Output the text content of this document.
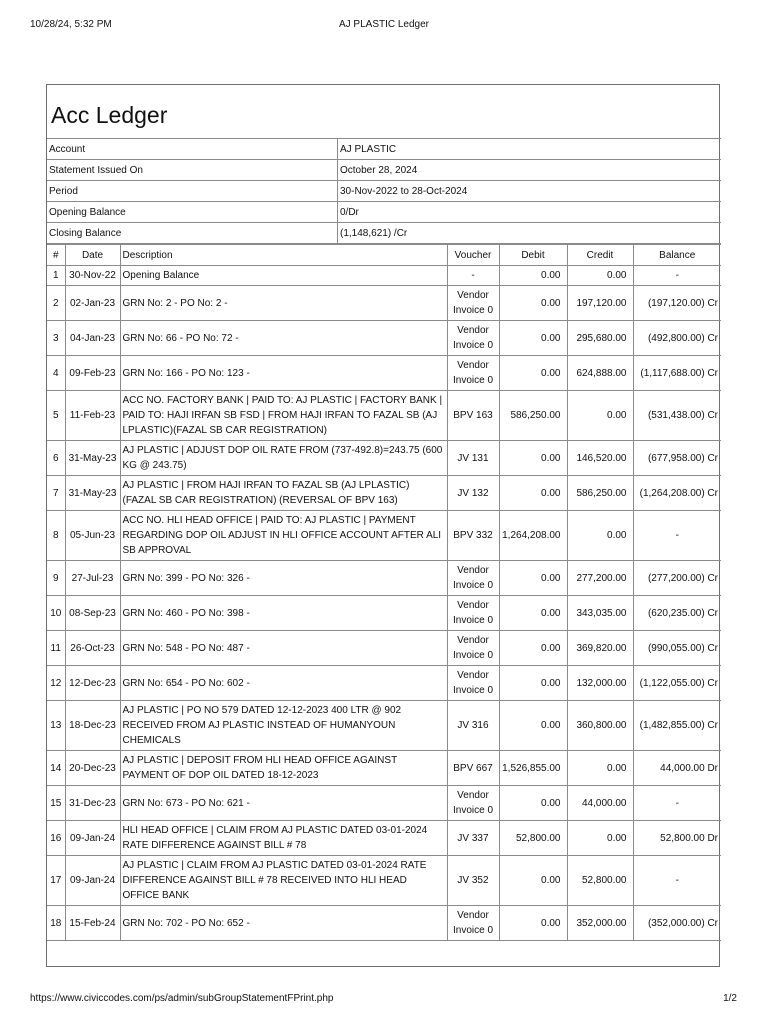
10/28/24, 5:32 PM	AJ PLASTIC Ledger
Acc Ledger
Account	AJ PLASTIC
Statement Issued On	October 28, 2024
Period	30-Nov-2022 to 28-Oct-2024
Opening Balance	0/Dr
Closing Balance	(1,148,621) /Cr
#	Date	Description	Voucher	Debit	Credit	Balance
1	30-Nov-22	Opening Balance	-	0.00	0.00	-
2	02-Jan-23	GRN No: 2 - PO No: 2 -	Vendor Invoice 0	0.00	197,120.00	(197,120.00) Cr
3	04-Jan-23	GRN No: 66 - PO No: 72 -	Vendor Invoice 0	0.00	295,680.00	(492,800.00) Cr
4	09-Feb-23	GRN No: 166 - PO No: 123 -	Vendor Invoice 0	0.00	624,888.00	(1,117,688.00) Cr
5	11-Feb-23	ACC NO. FACTORY BANK | PAID TO: AJ PLASTIC | FACTORY BANK | PAID TO: HAJI IRFAN SB FSD | FROM HAJI IRFAN TO FAZAL SB (AJ LPLASTIC)(FAZAL SB CAR REGISTRATION)	BPV 163	586,250.00	0.00	(531,438.00) Cr
6	31-May-23	AJ PLASTIC | ADJUST DOP OIL RATE FROM (737-492.8)=243.75 (600 KG @ 243.75)	JV 131	0.00	146,520.00	(677,958.00) Cr
7	31-May-23	AJ PLASTIC | FROM HAJI IRFAN TO FAZAL SB (AJ LPLASTIC) (FAZAL SB CAR REGISTRATION) (REVERSAL OF BPV 163)	JV 132	0.00	586,250.00	(1,264,208.00) Cr
8	05-Jun-23	ACC NO. HLI HEAD OFFICE | PAID TO: AJ PLASTIC | PAYMENT REGARDING DOP OIL ADJUST IN HLI OFFICE ACCOUNT AFTER ALI SB APPROVAL	BPV 332	1,264,208.00	0.00	-
9	27-Jul-23	GRN No: 399 - PO No: 326 -	Vendor Invoice 0	0.00	277,200.00	(277,200.00) Cr
10	08-Sep-23	GRN No: 460 - PO No: 398 -	Vendor Invoice 0	0.00	343,035.00	(620,235.00) Cr
11	26-Oct-23	GRN No: 548 - PO No: 487 -	Vendor Invoice 0	0.00	369,820.00	(990,055.00) Cr
12	12-Dec-23	GRN No: 654 - PO No: 602 -	Vendor Invoice 0	0.00	132,000.00	(1,122,055.00) Cr
13	18-Dec-23	AJ PLASTIC | PO NO 579 DATED 12-12-2023 400 LTR @ 902 RECEIVED FROM AJ PLASTIC INSTEAD OF HUMANYOUN CHEMICALS	JV 316	0.00	360,800.00	(1,482,855.00) Cr
14	20-Dec-23	AJ PLASTIC | DEPOSIT FROM HLI HEAD OFFICE AGAINST PAYMENT OF DOP OIL DATED 18-12-2023	BPV 667	1,526,855.00	0.00	44,000.00 Dr
15	31-Dec-23	GRN No: 673 - PO No: 621 -	Vendor Invoice 0	0.00	44,000.00	-
16	09-Jan-24	HLI HEAD OFFICE | CLAIM FROM AJ PLASTIC DATED 03-01-2024 RATE DIFFERENCE AGAINST BILL # 78	JV 337	52,800.00	0.00	52,800.00 Dr
17	09-Jan-24	AJ PLASTIC | CLAIM FROM AJ PLASTIC DATED 03-01-2024 RATE DIFFERENCE AGAINST BILL # 78 RECEIVED INTO HLI HEAD OFFICE BANK	JV 352	0.00	52,800.00	-
18	15-Feb-24	GRN No: 702 - PO No: 652 -	Vendor Invoice 0	0.00	352,000.00	(352,000.00) Cr
https://www.civiccodes.com/ps/admin/subGroupStatementFPrint.php	1/2
